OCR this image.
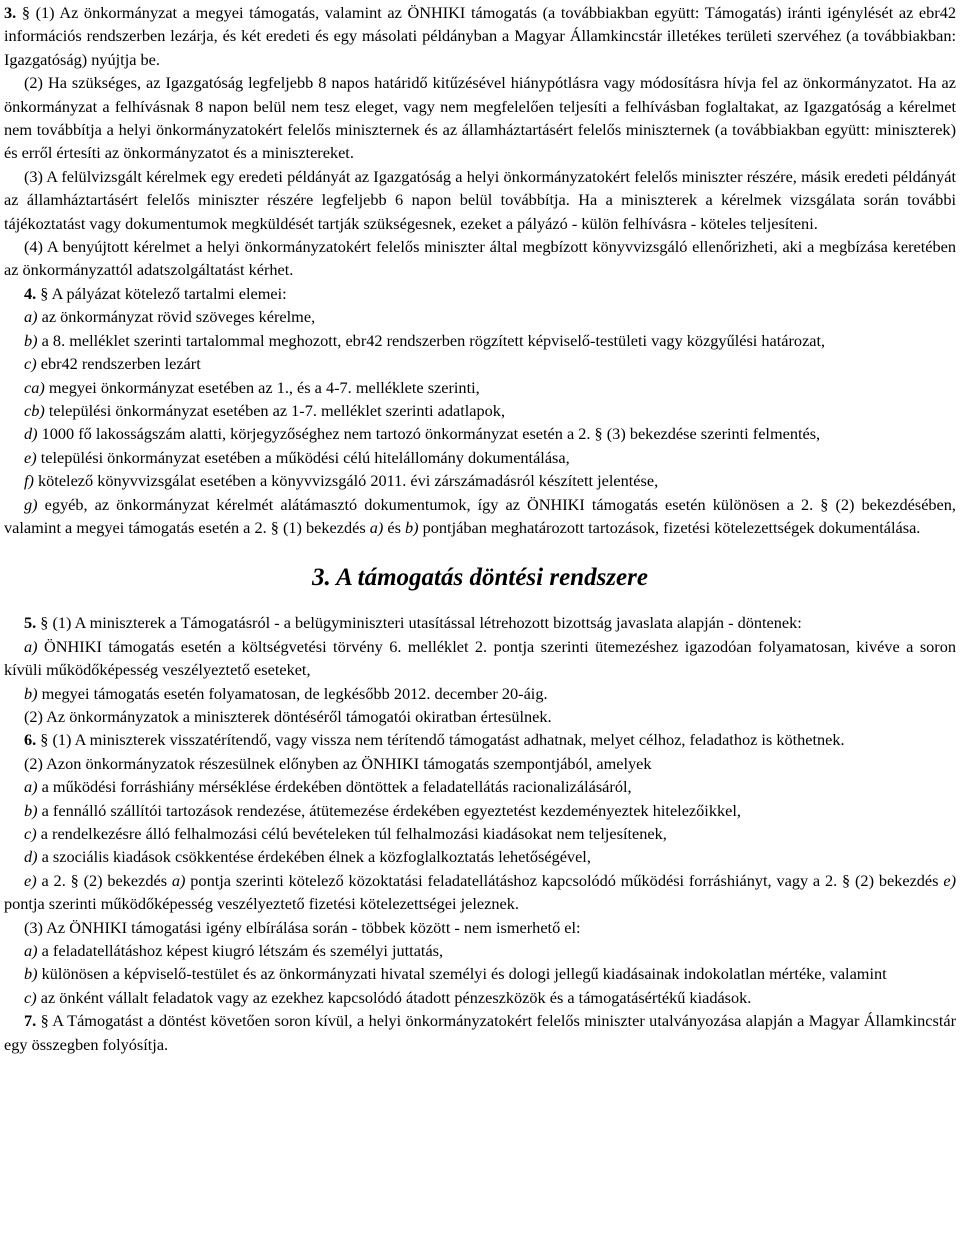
3. § (1) Az önkormányzat a megyei támogatás, valamint az ÖNHIKI támogatás (a továbbiakban együtt: Támogatás) iránti igénylését az ebr42 információs rendszerben lezárja, és két eredeti és egy másolati példányban a Magyar Államkincstár illetékes területi szervéhez (a továbbiakban: Igazgatóság) nyújtja be.

(2) Ha szükséges, az Igazgatóság legfeljebb 8 napos határidő kitűzésével hiánypótlásra vagy módosításra hívja fel az önkormányzatot. Ha az önkormányzat a felhívásnak 8 napon belül nem tesz eleget, vagy nem megfelelően teljesíti a felhívásban foglaltakat, az Igazgatóság a kérelmet nem továbbítja a helyi önkormányzatokért felelős miniszternek és az államháztartásért felelős miniszternek (a továbbiakban együtt: miniszterek) és erről értesíti az önkormányzatot és a minisztereket.

(3) A felülvizsgált kérelmek egy eredeti példányát az Igazgatóság a helyi önkormányzatokért felelős miniszter részére, másik eredeti példányát az államháztartásért felelős miniszter részére legfeljebb 6 napon belül továbbítja. Ha a miniszterek a kérelmek vizsgálata során további tájékoztatást vagy dokumentumok megküldését tartják szükségesnek, ezeket a pályázó - külön felhívásra - köteles teljesíteni.

(4) A benyújtott kérelmet a helyi önkormányzatokért felelős miniszter által megbízott könyvvizsgáló ellenőrizheti, aki a megbízása keretében az önkormányzattól adatszolgáltatást kérhet.

4. § A pályázat kötelező tartalmi elemei:

a) az önkormányzat rövid szöveges kérelme,

b) a 8. melléklet szerinti tartalommal meghozott, ebr42 rendszerben rögzített képviselő-testületi vagy közgyűlési határozat,

c) ebr42 rendszerben lezárt

ca) megyei önkormányzat esetében az 1., és a 4-7. melléklete szerinti,

cb) települési önkormányzat esetében az 1-7. melléklet szerinti adatlapok,

d) 1000 fő lakosságszám alatti, körjegyzőséghez nem tartozó önkormányzat esetén a 2. § (3) bekezdése szerinti felmentés,

e) települési önkormányzat esetében a működési célú hitelállomány dokumentálása,

f) kötelező könyvvizsgálat esetében a könyvvizsgáló 2011. évi zárszámadásról készített jelentése,

g) egyéb, az önkormányzat kérelmét alátámasztó dokumentumok, így az ÖNHIKI támogatás esetén különösen a 2. § (2) bekezdésében, valamint a megyei támogatás esetén a 2. § (1) bekezdés a) és b) pontjában meghatározott tartozások, fizetési kötelezettségek dokumentálása.

3. A támogatás döntési rendszere

5. § (1) A miniszterek a Támogatásról - a belügyminiszteri utasítással létrehozott bizottság javaslata alapján - döntenek:

a) ÖNHIKI támogatás esetén a költségvetési törvény 6. melléklet 2. pontja szerinti ütemezéshez igazodóan folyamatosan, kivéve a soron kívüli működőképesség veszélyeztető eseteket,

b) megyei támogatás esetén folyamatosan, de legkésőbb 2012. december 20-áig.

(2) Az önkormányzatok a miniszterek döntéséről támogatói okiratban értesülnek.

6. § (1) A miniszterek visszatérítendő, vagy vissza nem térítendő támogatást adhatnak, melyet célhoz, feladathoz is köthetnek.

(2) Azon önkormányzatok részesülnek előnyben az ÖNHIKI támogatás szempontjából, amelyek

a) a működési forráshiány mérséklése érdekében döntöttek a feladatellátás racionalizálásáról,

b) a fennálló szállítói tartozások rendezése, átütemezése érdekében egyeztetést kezdeményeztek hitelezőikkel,

c) a rendelkezésre álló felhalmozási célú bevételeken túl felhalmozási kiadásokat nem teljesítenek,

d) a szociális kiadások csökkentése érdekében élnek a közfoglalkoztatás lehetőségével,

e) a 2. § (2) bekezdés a) pontja szerinti kötelező közoktatási feladatellátáshoz kapcsolódó működési forráshiányt, vagy a 2. § (2) bekezdés e) pontja szerinti működőképesség veszélyeztető fizetési kötelezettségei jeleznek.

(3) Az ÖNHIKI támogatási igény elbírálása során - többek között - nem ismerhető el:

a) a feladatellátáshoz képest kiugró létszám és személyi juttatás,

b) különösen a képviselő-testület és az önkormányzati hivatal személyi és dologi jellegű kiadásainak indokolatlan mértéke, valamint

c) az önként vállalt feladatok vagy az ezekhez kapcsolódó átadott pénzeszközök és a támogatásértékű kiadások.

7. § A Támogatást a döntést követően soron kívül, a helyi önkormányzatokért felelős miniszter utalványozása alapján a Magyar Államkincstár egy összegben folyósítja.
